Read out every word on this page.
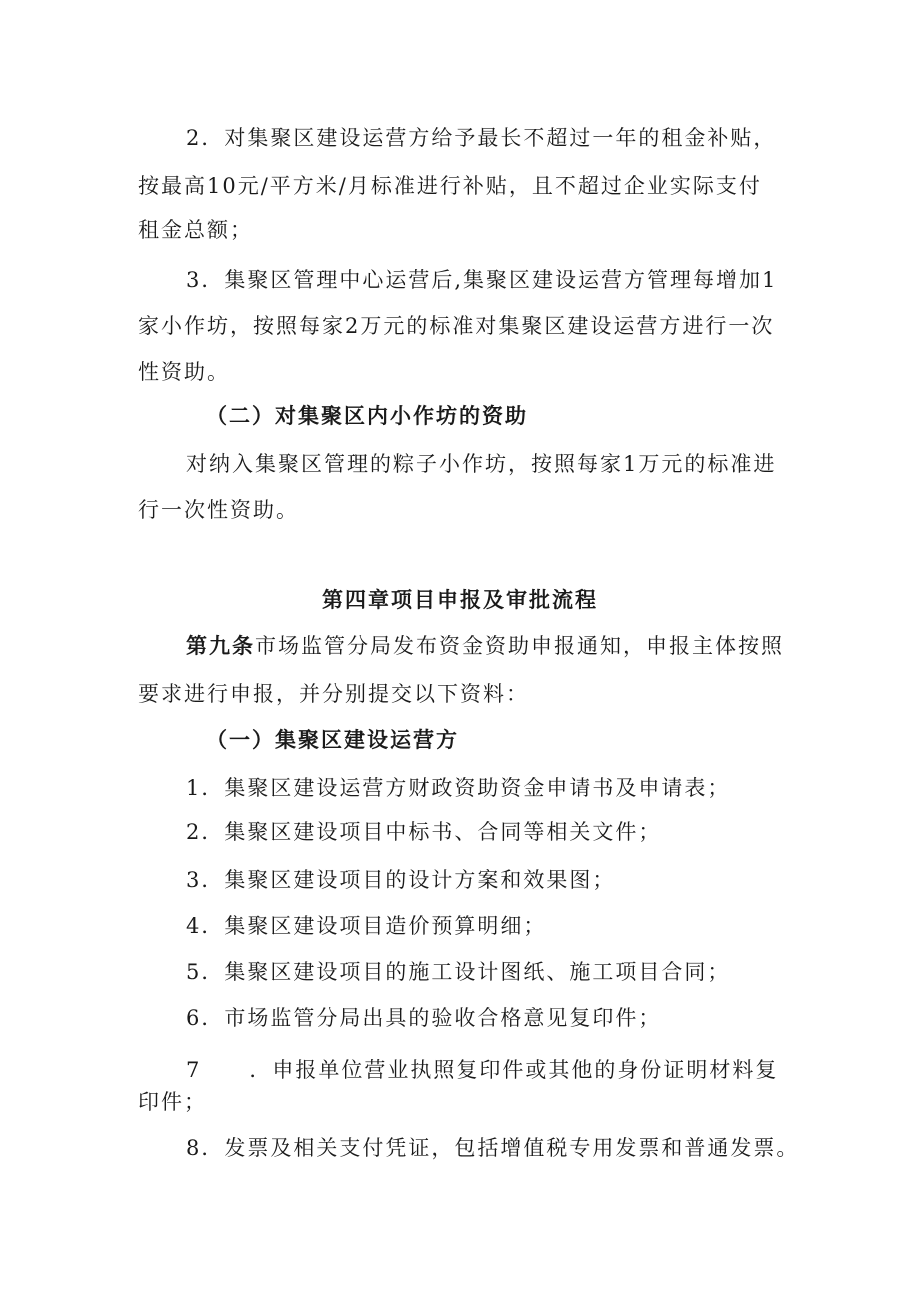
2．对集聚区建设运营方给予最长不超过一年的租金补贴，
按最高10元/平方米/月标准进行补贴，且不超过企业实际支付
租金总额；
3．集聚区管理中心运营后,集聚区建设运营方管理每增加1
家小作坊，按照每家2万元的标准对集聚区建设运营方进行一次
性资助。
（二）对集聚区内小作坊的资助
对纳入集聚区管理的粽子小作坊，按照每家1万元的标准进
行一次性资助。
第四章项目申报及审批流程
第九条市场监管分局发布资金资助申报通知，申报主体按照
要求进行申报，并分别提交以下资料：
（一）集聚区建设运营方
1．集聚区建设运营方财政资助资金申请书及申请表；
2．集聚区建设项目中标书、合同等相关文件；
3．集聚区建设项目的设计方案和效果图；
4．集聚区建设项目造价预算明细；
5．集聚区建设项目的施工设计图纸、施工项目合同；
6．市场监管分局出具的验收合格意见复印件；
7 ．申报单位营业执照复印件或其他的身份证明材料复
印件；
8．发票及相关支付凭证，包括增值税专用发票和普通发票。
